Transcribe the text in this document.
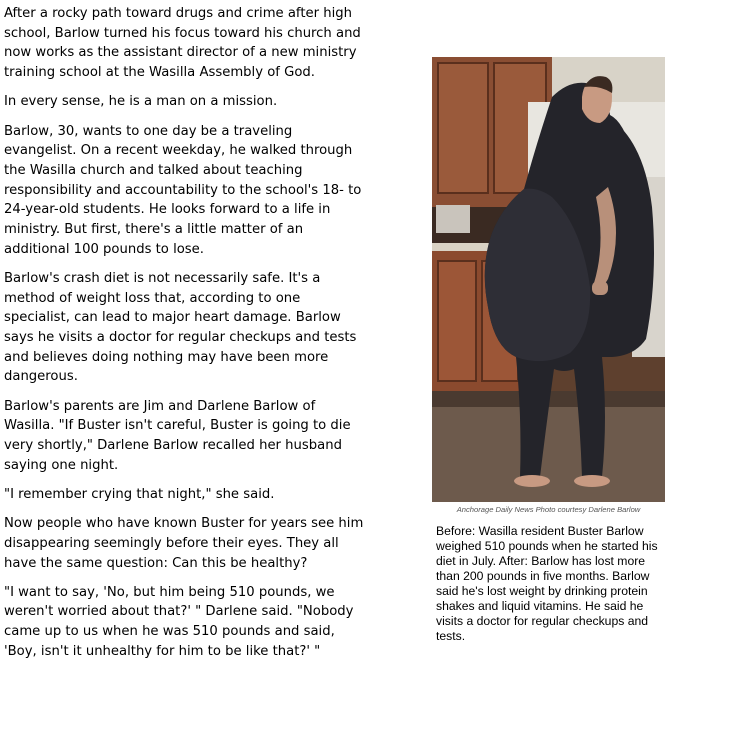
After a rocky path toward drugs and crime after high school, Barlow turned his focus toward his church and now works as the assistant director of a new ministry training school at the Wasilla Assembly of God.

In every sense, he is a man on a mission.

Barlow, 30, wants to one day be a traveling evangelist. On a recent weekday, he walked through the Wasilla church and talked about teaching responsibility and accountability to the school's 18- to 24-year-old students. He looks forward to a life in ministry. But first, there's a little matter of an additional 100 pounds to lose.

Barlow's crash diet is not necessarily safe. It's a method of weight loss that, according to one specialist, can lead to major heart damage. Barlow says he visits a doctor for regular checkups and tests and believes doing nothing may have been more dangerous.

Barlow's parents are Jim and Darlene Barlow of Wasilla. "If Buster isn't careful, Buster is going to die very shortly," Darlene Barlow recalled her husband saying one night.

"I remember crying that night," she said.

Now people who have known Buster for years see him disappearing seemingly before their eyes. They all have the same question: Can this be healthy?

"I want to say, 'No, but him being 510 pounds, we weren't worried about that?' " Darlene said. "Nobody came up to us when he was 510 pounds and said, 'Boy, isn't it unhealthy for him to be like that?' "

Anchorage Daily News Photo courtesy Darlene Barlow
Before: Wasilla resident Buster Barlow weighed 510 pounds when he started his diet in July. After: Barlow has lost more than 200 pounds in five months. Barlow said he's lost weight by drinking protein shakes and liquid vitamins. He said he visits a doctor for regular checkups and tests.
